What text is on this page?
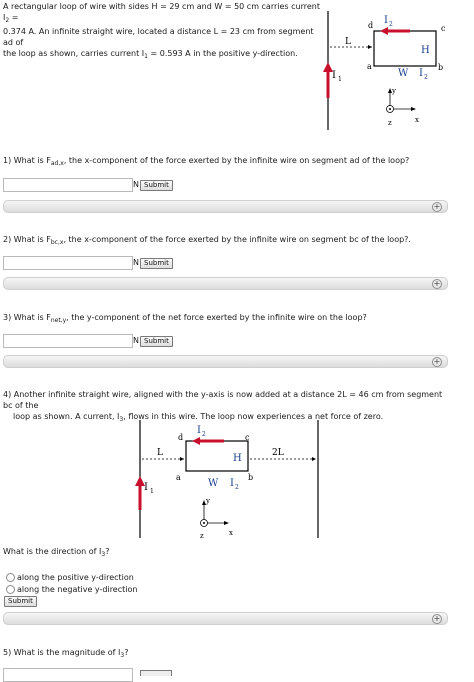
A rectangular loop of wire with sides H = 29 cm and W = 50 cm carries current $I_2$ =
0.374 A. An infinite straight wire, located a distance L = 23 cm from segment ad of
the loop as shown, carries current $I_1 = 0.593$ A in the positive y-direction.
I 1
L
d	c
a	b
I 2
H
W I 2
y
x
z
1) What is $F_{ad,x}$, the x-component of the force exerted by the infinite wire on segment ad of the loop?
N Submit
+
2) What is $F_{bc,x}$, the x-component of the force exerted by the infinite wire on segment bc of the loop?.
N Submit
+
3) What is $F_{net,y}$, the y-component of the net force exerted by the infinite wire on the loop?
N Submit
+
4) Another infinite straight wire, aligned with the y-axis is now added at a distance 2L = 46 cm from segment bc of the
loop as shown. A current, $I_3$, flows in this wire. The loop now experiences a net force of zero.
I 1
L
d	c
a	b
I 2
H
W I 2
2L
y
x
z
What is the direction of $I_3$?
along the positive y-direction
along the negative y-direction
Submit
+
5) What is the magnitude of $I_3$?
